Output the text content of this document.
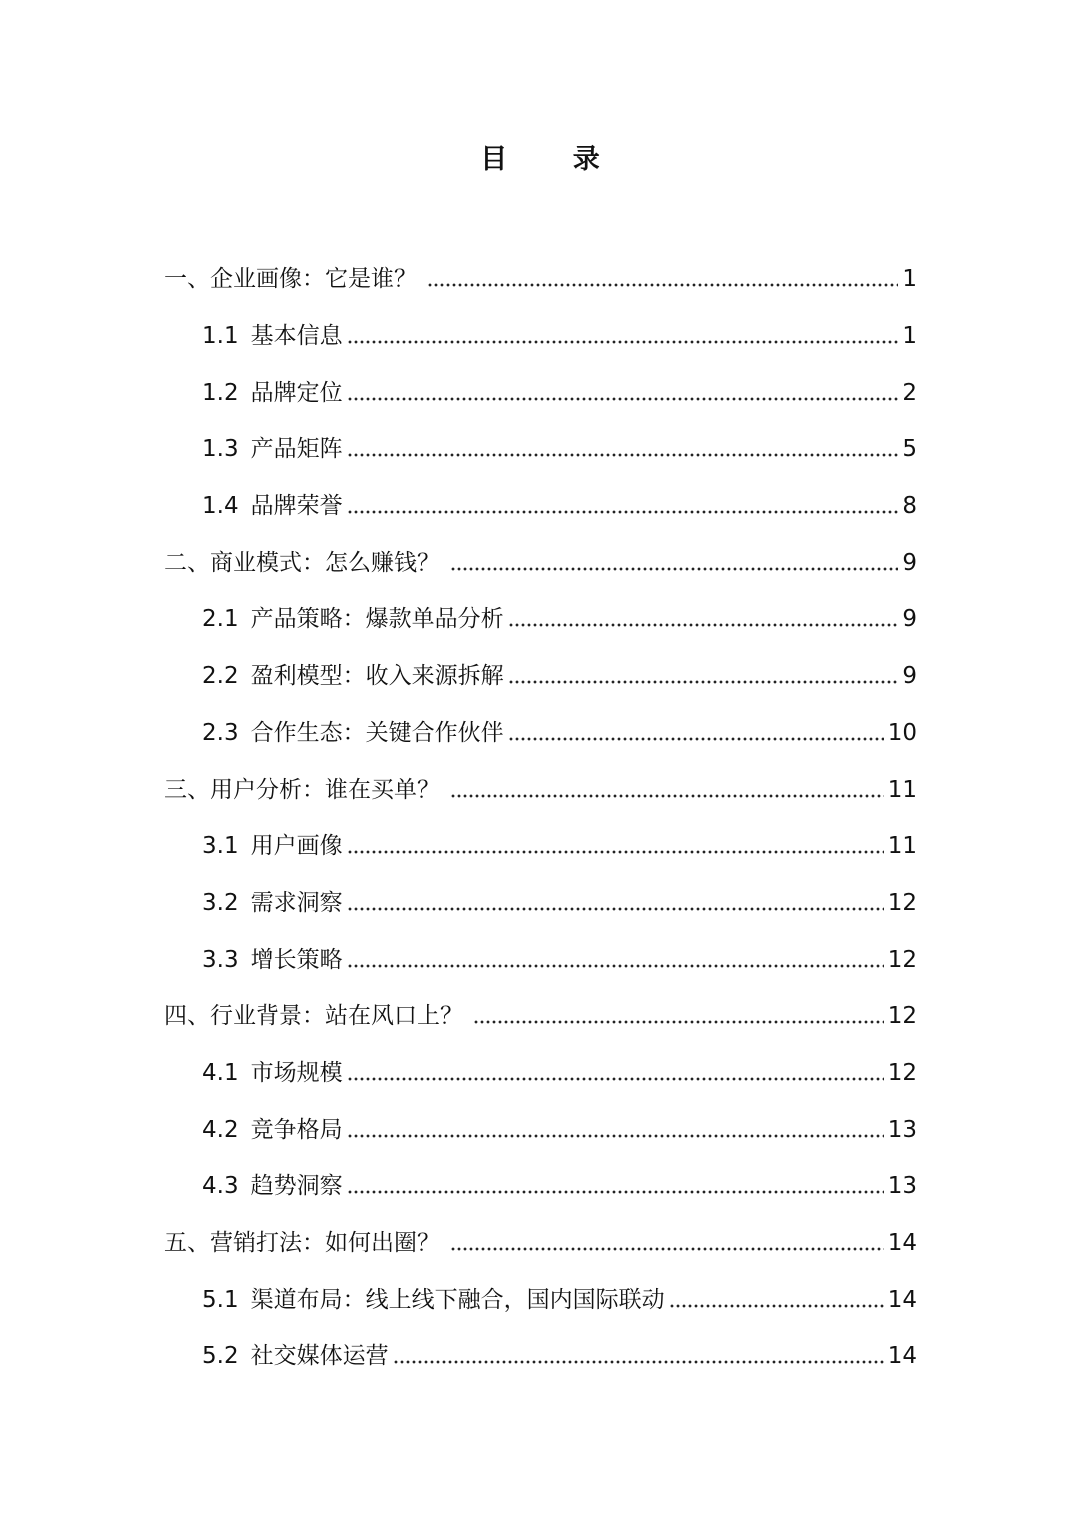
目 录
一、企业画像：它是谁？	1
1.1 基本信息	1
1.2 品牌定位	2
1.3 产品矩阵	5
1.4 品牌荣誉	8
二、商业模式：怎么赚钱？	9
2.1 产品策略：爆款单品分析	9
2.2 盈利模型：收入来源拆解	9
2.3 合作生态：关键合作伙伴	10
三、用户分析：谁在买单？	11
3.1 用户画像	11
3.2 需求洞察	12
3.3 增长策略	12
四、行业背景：站在风口上？	12
4.1 市场规模	12
4.2 竞争格局	13
4.3 趋势洞察	13
五、营销打法：如何出圈？	14
5.1 渠道布局：线上线下融合，国内国际联动	14
5.2 社交媒体运营	14
